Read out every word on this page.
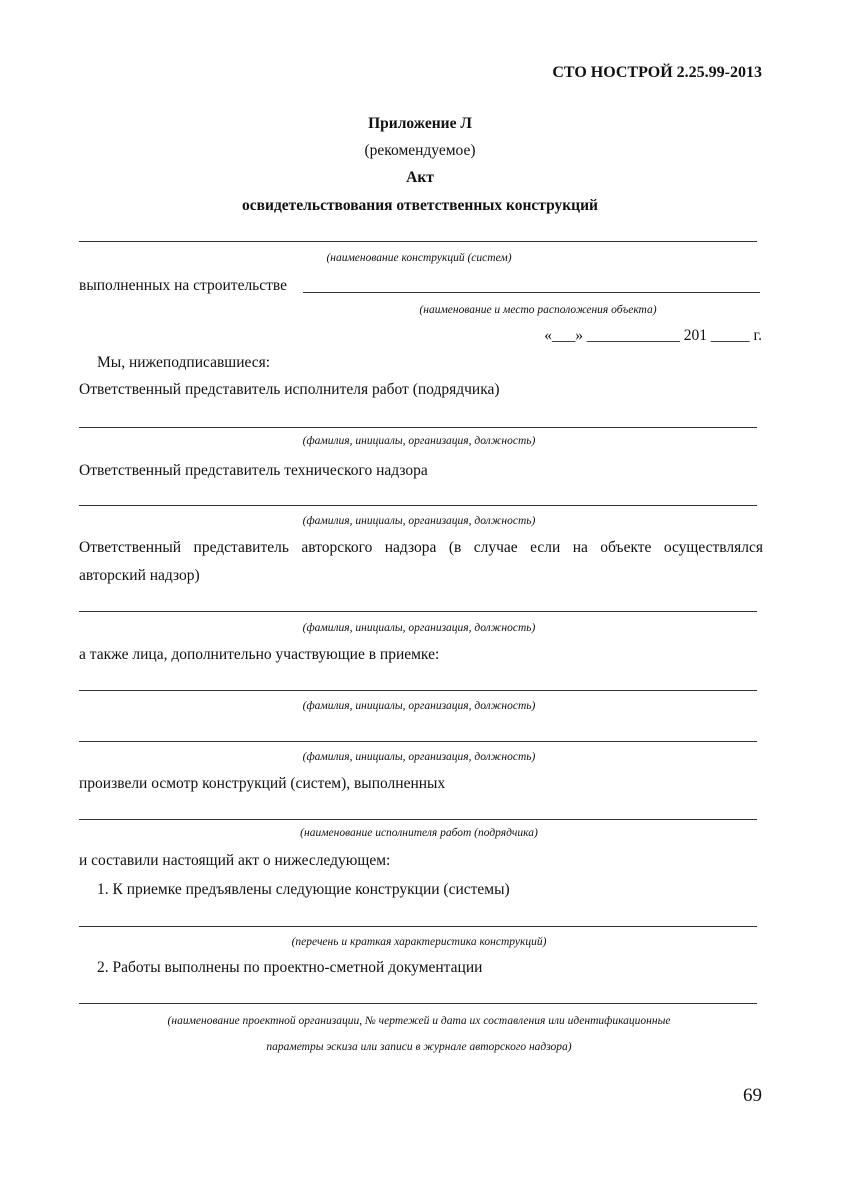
СТО НОСТРОЙ 2.25.99-2013
Приложение Л
(рекомендуемое)
Акт
освидетельствования ответственных конструкций
(наименование конструкций (систем)
выполненных на строительстве
(наименование и место расположения объекта)
«___» ____________ 201 _____ г.
Мы, нижеподписавшиеся:
Ответственный представитель исполнителя работ (подрядчика)
(фамилия, инициалы, организация, должность)
Ответственный представитель технического надзора
(фамилия, инициалы, организация, должность)
Ответственный представитель авторского надзора (в случае если на объекте осуществлялся
авторский надзор)
(фамилия, инициалы, организация, должность)
а также лица, дополнительно участвующие в приемке:
(фамилия, инициалы, организация, должность)
(фамилия, инициалы, организация, должность)
произвели осмотр конструкций (систем), выполненных
(наименование исполнителя работ (подрядчика)
и составили настоящий акт о нижеследующем:
1. К приемке предъявлены следующие конструкции (системы)
(перечень и краткая характеристика конструкций)
2. Работы выполнены по проектно-сметной документации
(наименование проектной организации, № чертежей и дата их составления или идентификационные
параметры эскиза или записи в журнале авторского надзора)
69
